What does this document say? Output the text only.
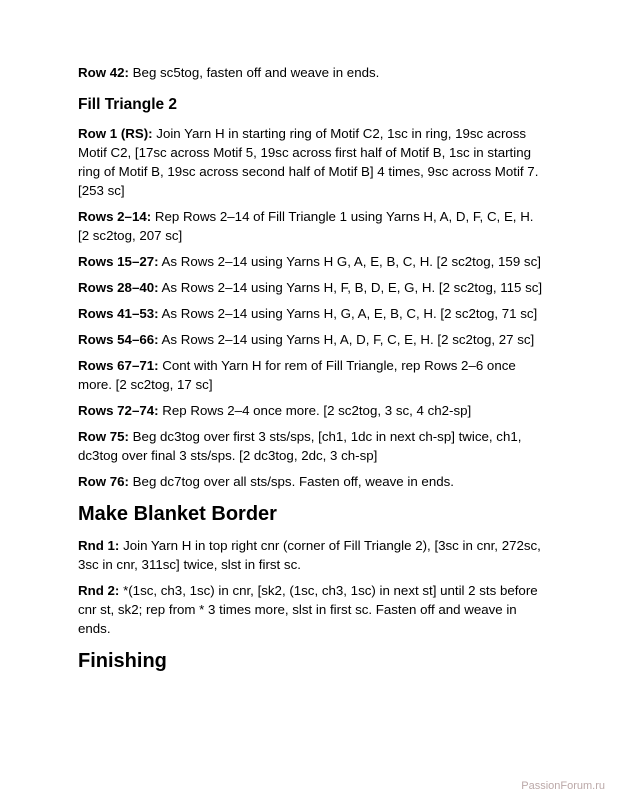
Row 42: Beg sc5tog, fasten off and weave in ends.

Fill Triangle 2

Row 1 (RS): Join Yarn H in starting ring of Motif C2, 1sc in ring, 19sc across Motif C2, [17sc across Motif 5, 19sc across first half of Motif B, 1sc in starting ring of Motif B, 19sc across second half of Motif B] 4 times, 9sc across Motif 7. [253 sc]

Rows 2–14: Rep Rows 2–14 of Fill Triangle 1 using Yarns H, A, D, F, C, E, H. [2 sc2tog, 207 sc]

Rows 15–27: As Rows 2–14 using Yarns H G, A, E, B, C, H. [2 sc2tog, 159 sc]

Rows 28–40: As Rows 2–14 using Yarns H, F, B, D, E, G, H. [2 sc2tog, 115 sc]

Rows 41–53: As Rows 2–14 using Yarns H, G, A, E, B, C, H. [2 sc2tog, 71 sc]

Rows 54–66: As Rows 2–14 using Yarns H, A, D, F, C, E, H. [2 sc2tog, 27 sc]

Rows 67–71: Cont with Yarn H for rem of Fill Triangle, rep Rows 2–6 once more. [2 sc2tog, 17 sc]

Rows 72–74: Rep Rows 2–4 once more. [2 sc2tog, 3 sc, 4 ch2-sp]

Row 75: Beg dc3tog over first 3 sts/sps, [ch1, 1dc in next ch-sp] twice, ch1, dc3tog over final 3 sts/sps. [2 dc3tog, 2dc, 3 ch-sp]

Row 76: Beg dc7tog over all sts/sps. Fasten off, weave in ends.

Make Blanket Border

Rnd 1: Join Yarn H in top right cnr (corner of Fill Triangle 2), [3sc in cnr, 272sc, 3sc in cnr, 311sc] twice, slst in first sc.

Rnd 2: *(1sc, ch3, 1sc) in cnr, [sk2, (1sc, ch3, 1sc) in next st] until 2 sts before cnr st, sk2; rep from * 3 times more, slst in first sc. Fasten off and weave in ends.

Finishing
PassionForum.ru
